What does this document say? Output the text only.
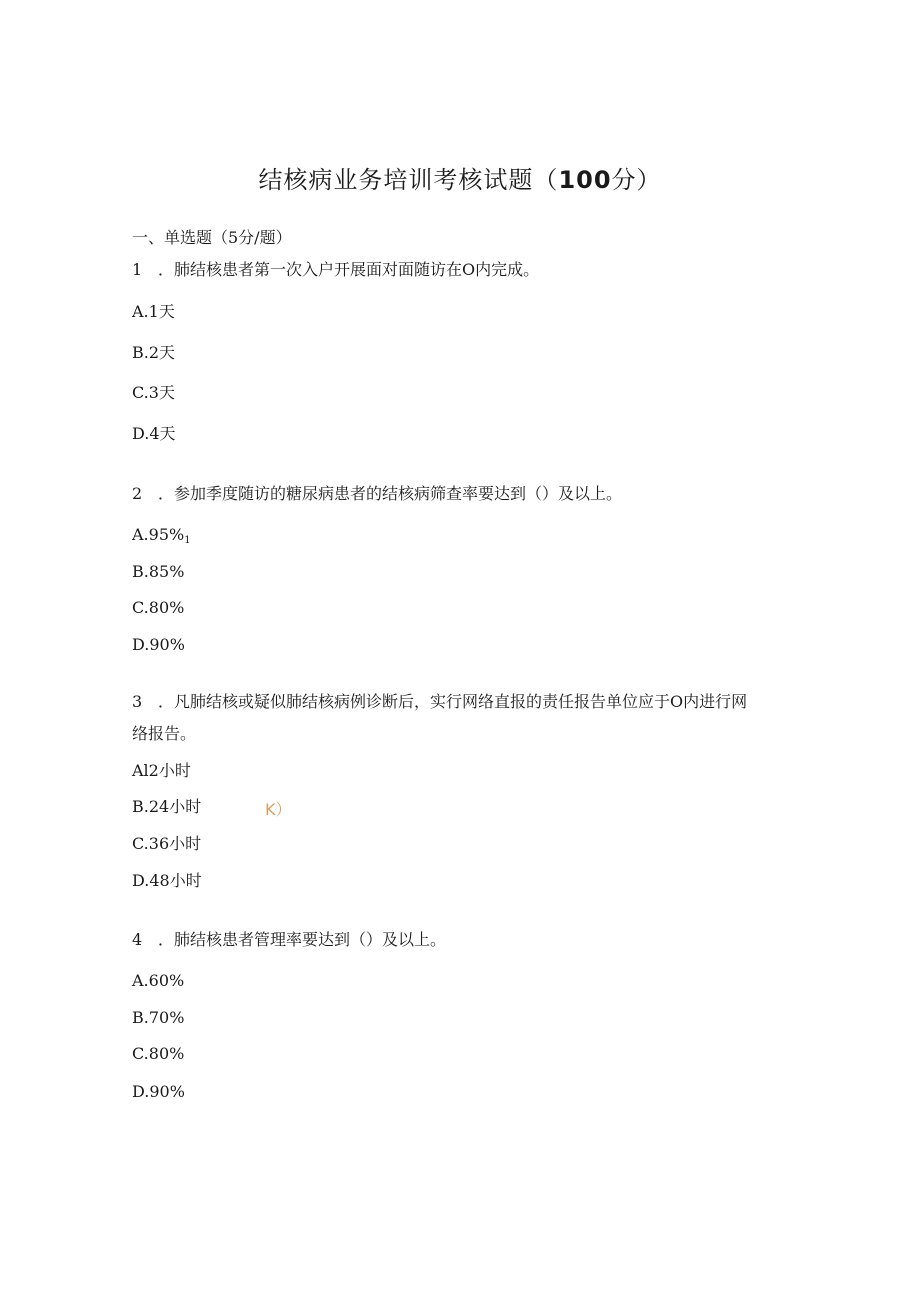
结核病业务培训考核试题（100分）
一、单选题（5分/题）
1 ．肺结核患者第一次入户开展面对面随访在O内完成。
A.1天
B.2天
C.3天
D.4天
2 ．参加季度随访的糖尿病患者的结核病筛查率要达到（）及以上。
$A.95\%_1$
B.85%
C.80%
D.90%
3 ．凡肺结核或疑似肺结核病例诊断后，实行网络直报的责任报告单位应于O内进行网
络报告。
Al2小时
B.24小时	K）
C.36小时
D.48小时
4 ．肺结核患者管理率要达到（）及以上。
A.60%
B.70%
C.80%
D.90%
